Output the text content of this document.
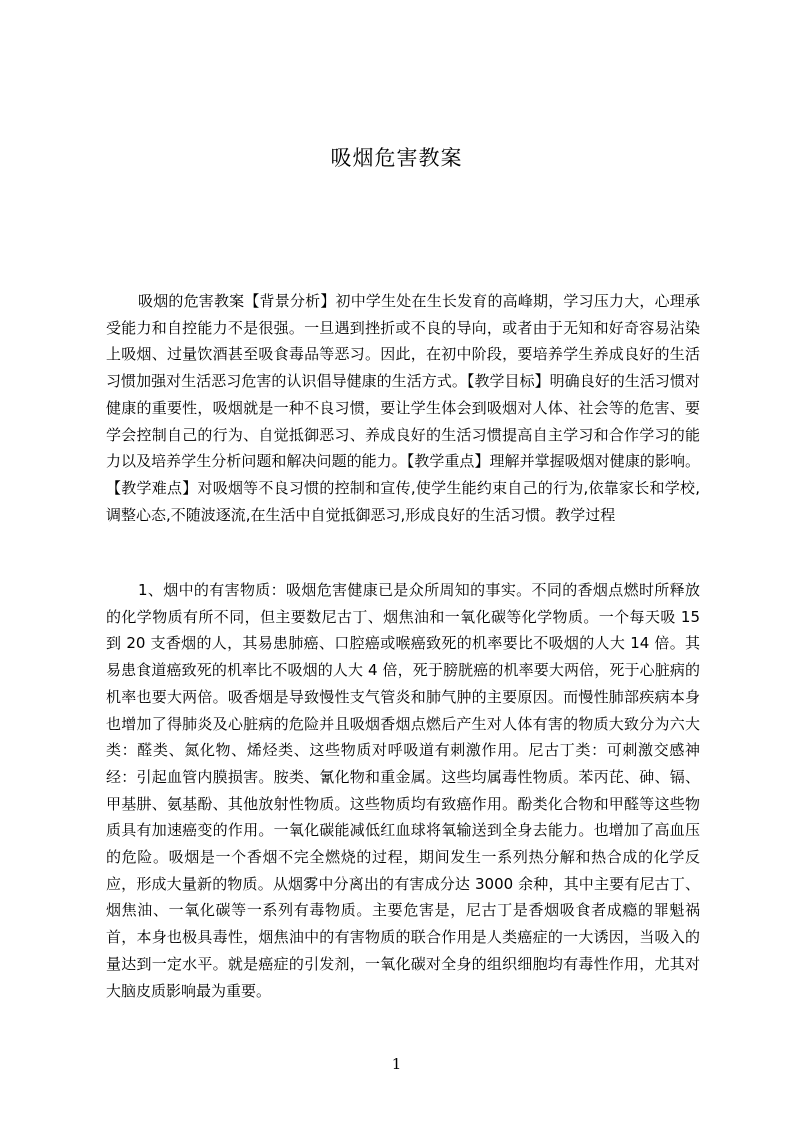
吸烟危害教案

吸烟的危害教案【背景分析】初中学生处在生长发育的高峰期，学习压力大，心理承受能力和自控能力不是很强。一旦遇到挫折或不良的导向，或者由于无知和好奇容易沾染上吸烟、过量饮酒甚至吸食毒品等恶习。因此，在初中阶段，要培养学生养成良好的生活习惯加强对生活恶习危害的认识倡导健康的生活方式。【教学目标】明确良好的生活习惯对健康的重要性，吸烟就是一种不良习惯，要让学生体会到吸烟对人体、社会等的危害、要学会控制自己的行为、自觉抵御恶习、养成良好的生活习惯提高自主学习和合作学习的能力以及培养学生分析问题和解决问题的能力。【教学重点】理解并掌握吸烟对健康的影响。【教学难点】对吸烟等不良习惯的控制和宣传,使学生能约束自己的行为,依靠家长和学校,调整心态,不随波逐流,在生活中自觉抵御恶习,形成良好的生活习惯。教学过程

1、烟中的有害物质：吸烟危害健康已是众所周知的事实。不同的香烟点燃时所释放的化学物质有所不同，但主要数尼古丁、烟焦油和一氧化碳等化学物质。一个每天吸 15 到 20 支香烟的人，其易患肺癌、口腔癌或喉癌致死的机率要比不吸烟的人大 14 倍。其易患食道癌致死的机率比不吸烟的人大 4 倍，死于膀胱癌的机率要大两倍，死于心脏病的机率也要大两倍。吸香烟是导致慢性支气管炎和肺气肿的主要原因。而慢性肺部疾病本身也增加了得肺炎及心脏病的危险并且吸烟香烟点燃后产生对人体有害的物质大致分为六大类：醛类、氮化物、烯烃类、这些物质对呼吸道有刺激作用。尼古丁类：可刺激交感神经：引起血管内膜损害。胺类、氰化物和重金属。这些均属毒性物质。苯丙芘、砷、镉、甲基肼、氨基酚、其他放射性物质。这些物质均有致癌作用。酚类化合物和甲醛等这些物质具有加速癌变的作用。一氧化碳能减低红血球将氧输送到全身去能力。也增加了高血压的危险。吸烟是一个香烟不完全燃烧的过程，期间发生一系列热分解和热合成的化学反应，形成大量新的物质。从烟雾中分离出的有害成分达 3000 余种，其中主要有尼古丁、烟焦油、一氧化碳等一系列有毒物质。主要危害是，尼古丁是香烟吸食者成瘾的罪魁祸首，本身也极具毒性，烟焦油中的有害物质的联合作用是人类癌症的一大诱因，当吸入的量达到一定水平。就是癌症的引发剂，一氧化碳对全身的组织细胞均有毒性作用，尤其对大脑皮质影响最为重要。

1
